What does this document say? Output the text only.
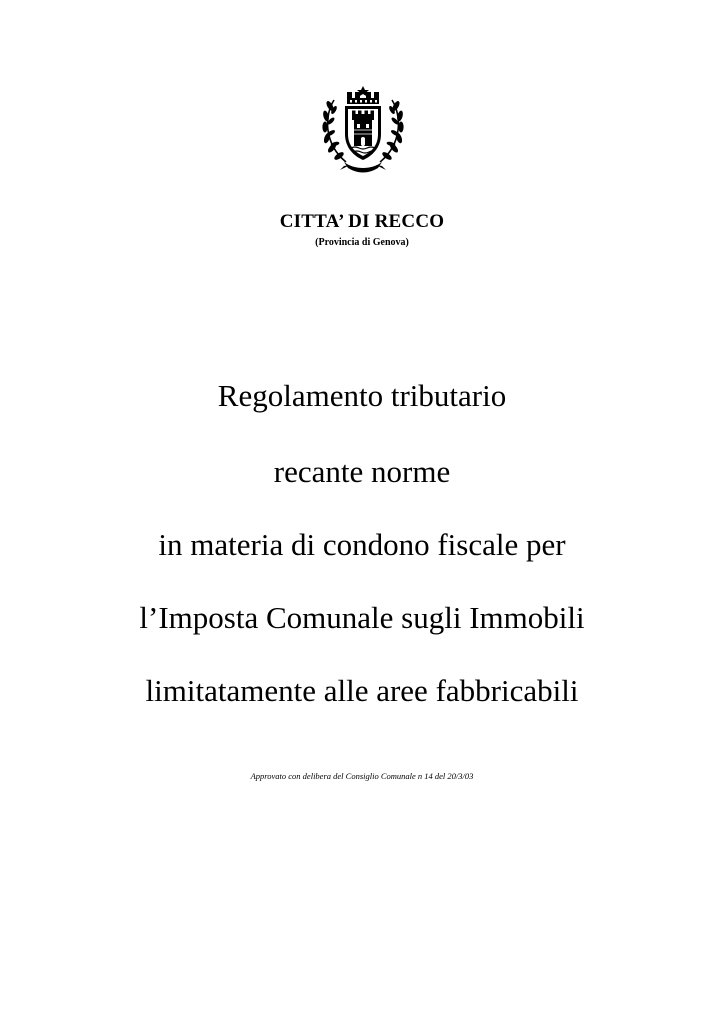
CITTA’ DI RECCO
(Provincia di Genova)
Regolamento tributario
recante norme
in materia di condono fiscale per
l’Imposta Comunale sugli Immobili
limitatamente alle aree fabbricabili
Approvato con delibera del Consiglio Comunale n 14 del 20/3/03
